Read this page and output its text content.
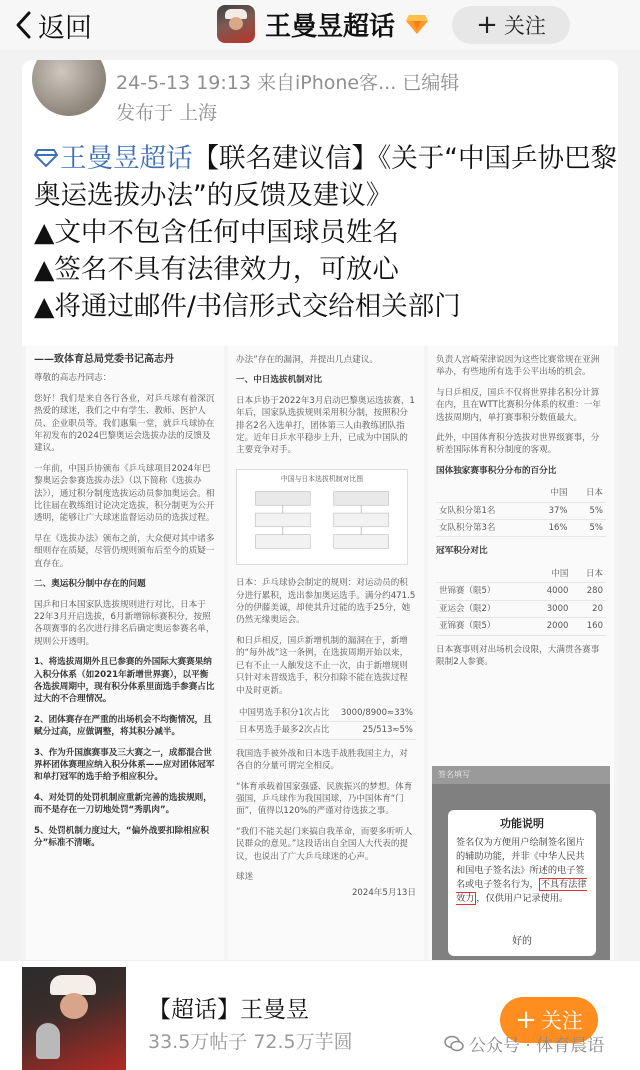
返回	王曼昱超话	+ 关注
24-5-13 19:13 来自iPhone客... 已编辑
发布于 上海
王曼昱超话【联名建议信】《关于“中国乒协巴黎
奥运选拔办法”的反馈及建议》
▲文中不包含任何中国球员姓名
▲签名不具有法律效力，可放心
▲将通过邮件/书信形式交给相关部门
——致体育总局党委书记高志丹

尊敬的高志丹同志：

您好！我们是来自各行各业，对乒乓球有着深沉热爱的球迷，我们之中有学生、教师、医护人员、企业职员等。我们惠集一堂，就乒乓球协在年初发布的2024巴黎奥运会选拔办法的反馈及建议。

一年前，中国乒协颁布《乒乓球项目2024年巴黎奥运会参赛选拔办法》（以下简称《选拔办法》），通过积分制度选拔运动员参加奥运会。相比往届在教练组讨论决定选拔，积分制更为公开透明，能够让广大球迷监督运动员的选拔过程。

早在《选拔办法》颁布之前，大众便对其中诸多细则存在质疑，尽管仍规则颁布后至今的质疑一直存在。

二、奥运积分制中存在的问题

国乒和日本国家队选拔规则进行对比，日本于22年3月开启选拔，6月新增锦标赛积分，按照各项赛事的名次进行排名后确定奥运参赛名单，规则公开透明。

1、将选拔周期外且已参赛的外国际大赛赛果纳入积分体系（如2021年新增世界赛），以平衡各选拔周期中，现有积分体系里面选手参赛占比过大的不合理情况。

2、团体赛存在严重的出场机会不均衡情况，且赋分过高，应做调整，将其积分减半。

3、作为升国旗赛事及三大赛之一，成都混合世界杯团体赛理应纳入积分体系——应对团体冠军和单打冠军的选手给予相应积分。

4、对处罚的处罚机制应重新完善的选拔规则，而不是存在一刀切地处罚“秀肌肉”。

5、处罚机制力度过大，“偏外战要扣除相应积分”标准不清晰。

办法”存在的漏洞，并提出几点建议。

一、中日选拔机制对比

日本乒协于2022年3月启动巴黎奥运选拔赛，1年后，国家队选拔规则采用积分制，按照积分排名2名入选单打，团体第三人由教练团队指定。近年日乒水平稳步上升，已成为中国队的主要竞争对手。

中国与日本选拔机制对比图

日本：乒乓球协会制定的规则：对运动员的积分进行累积，选出参加奥运选手。满分约471.5分的伊藤美诚，却使其升过能的选手25分，她仍然无缘奥运会。

和日乒相反，国乒新增机制的漏洞在于，新增的“每外战”这一条例，在选拔周期开始以来，已有不止一人触发这不止一次，由于新增规则只针对未晋级选手，积分扣除不能在选拔过程中及时更新。

中国男选手积分1次占比	3000/8900≈33%
日本男选手最多2次占比	25/513≈5%

我国选手被外战和日本选手战胜我国主力，对各自的分量可谓完全相反。

“体育承载着国家强盛、民族振兴的梦想。体育强国，乒乓球作为我国国球，乃中国体育“门面”，值得以120%的严谨对待选拔之事。

“我们不能关起门来搞自我革命，而要多听听人民群众的意见。”这段话出自全国人大代表的提议，也说出了广大乒乓球迷的心声。

球迷

2024年5月13日

负责人宫崎荣津说因为这些比赛常规在亚洲举办，有些地所有选手公平出场的机会。

与日乒相反，国乒不仅将世界排名积分计算在内，且在WTT比赛积分体系的权重：一年选拔周期内，单打赛事积分数值最大。

此外，中国体育积分选拔对世界级赛事，分析差国际体育积分制度的客观。

国体独家赛事积分分布的百分比

	中国	日本
女队积分第1名	37%	5%
女队积分第3名	16%	5%

冠军积分对比

	中国	日本
世锦赛（限5）	4000	280
亚运会（限2）	3000	20
亚锦赛（限5）	2000	160

日本赛事则对出场机会设限，大满贯各赛事限制2人参赛。

签名填写
功能说明
签名仅为方便用户绘制签名图片的辅助功能，并非《中华人民共和国电子签名法》所述的电子签名或电子签名行为， 不具有法律效力 ，仅供用户记录使用。
好的
【超话】王曼昱
33.5万帖子 72.5万芋圆
+ 关注
公众号 · 体育晨语
